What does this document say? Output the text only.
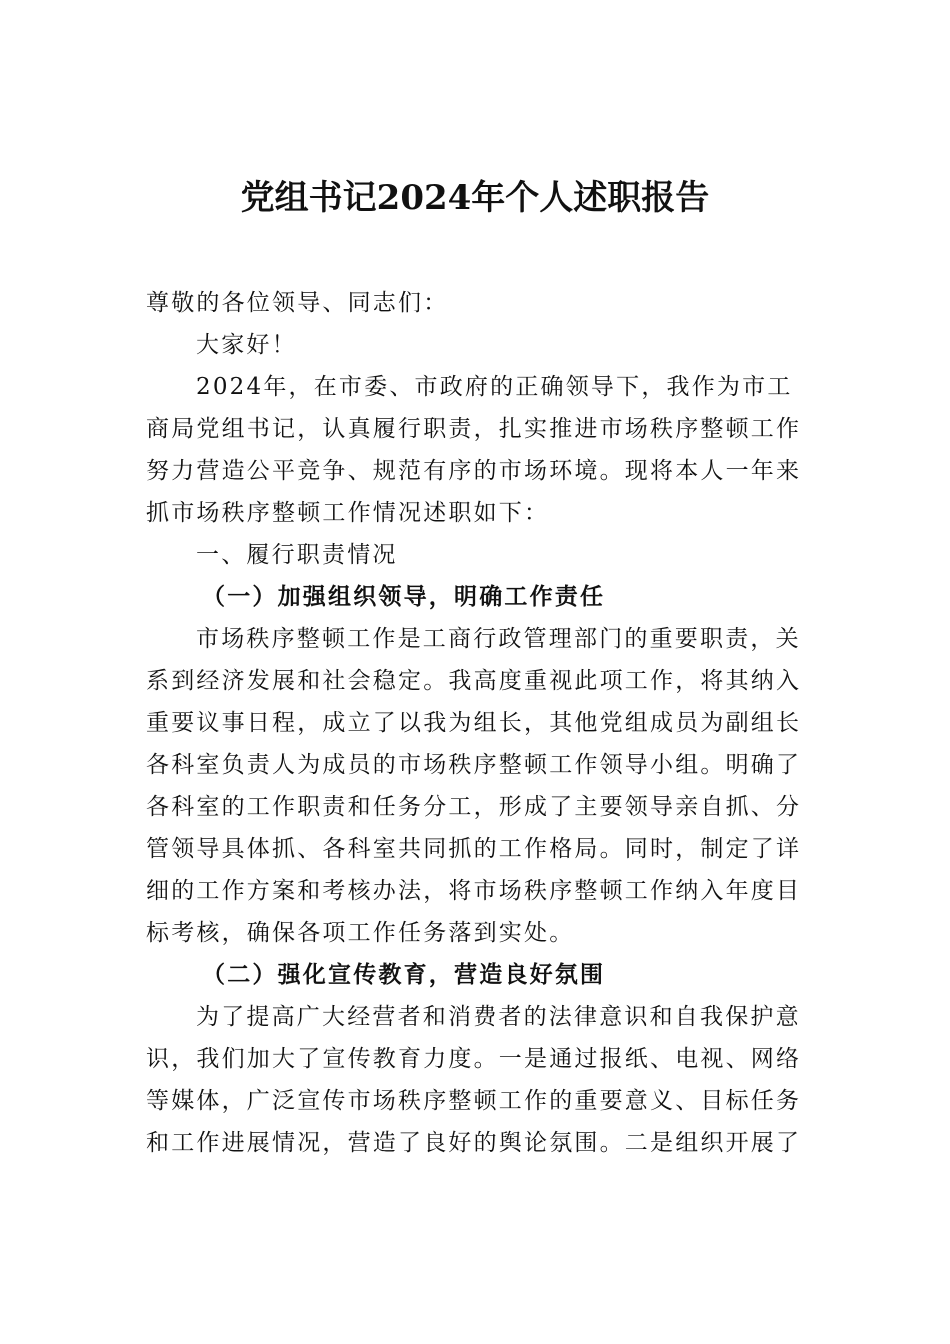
党组书记2024年个人述职报告

尊敬的各位领导、同志们：

大家好！

2024年，在市委、市政府的正确领导下，我作为市工

商局党组书记，认真履行职责，扎实推进市场秩序整顿工作

努力营造公平竞争、规范有序的市场环境。现将本人一年来

抓市场秩序整顿工作情况述职如下：

一、履行职责情况

（一）加强组织领导，明确工作责任

市场秩序整顿工作是工商行政管理部门的重要职责，关

系到经济发展和社会稳定。我高度重视此项工作，将其纳入

重要议事日程，成立了以我为组长，其他党组成员为副组长

各科室负责人为成员的市场秩序整顿工作领导小组。明确了

各科室的工作职责和任务分工，形成了主要领导亲自抓、分

管领导具体抓、各科室共同抓的工作格局。同时，制定了详

细的工作方案和考核办法，将市场秩序整顿工作纳入年度目

标考核，确保各项工作任务落到实处。

（二）强化宣传教育，营造良好氛围

为了提高广大经营者和消费者的法律意识和自我保护意

识，我们加大了宣传教育力度。一是通过报纸、电视、网络

等媒体，广泛宣传市场秩序整顿工作的重要意义、目标任务

和工作进展情况，营造了良好的舆论氛围。二是组织开展了
